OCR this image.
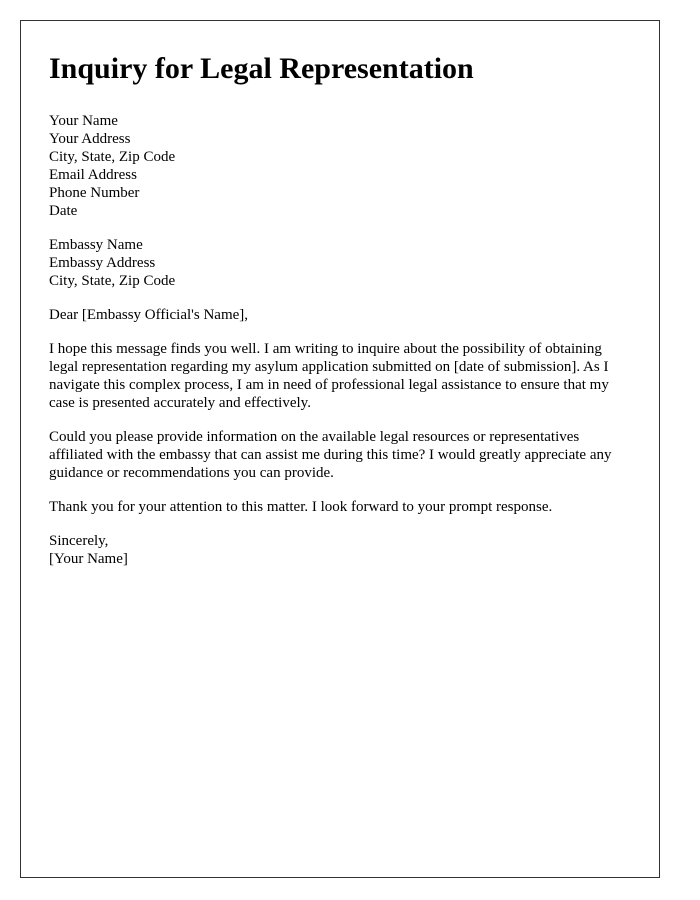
Inquiry for Legal Representation
Your Name
Your Address
City, State, Zip Code
Email Address
Phone Number
Date
Embassy Name
Embassy Address
City, State, Zip Code

Dear [Embassy Official's Name],

I hope this message finds you well. I am writing to inquire about the possibility of obtaining legal representation regarding my asylum application submitted on [date of submission]. As I navigate this complex process, I am in need of professional legal assistance to ensure that my case is presented accurately and effectively.

Could you please provide information on the available legal resources or representatives affiliated with the embassy that can assist me during this time? I would greatly appreciate any guidance or recommendations you can provide.

Thank you for your attention to this matter. I look forward to your prompt response.

Sincerely,
[Your Name]
